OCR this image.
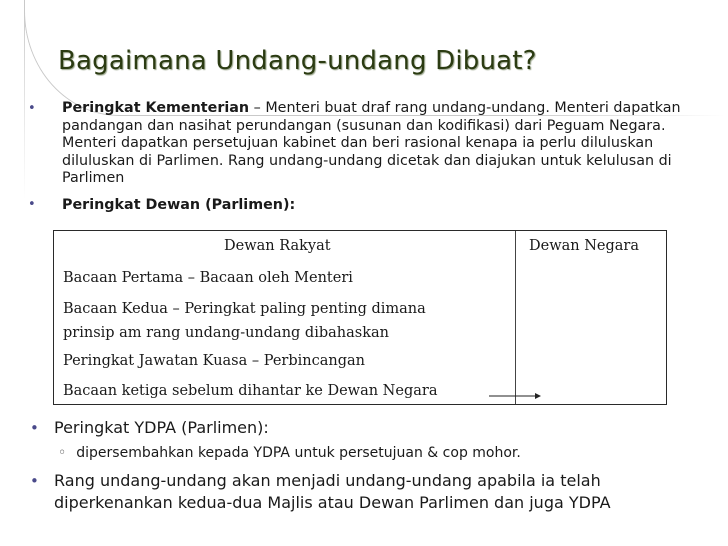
Bagaimana Undang-undang Dibuat?
•	Peringkat Kementerian – Menteri buat draf rang undang-undang. Menteri dapatkan pandangan dan nasihat perundangan (susunan dan kodifikasi) dari Peguam Negara. Menteri dapatkan persetujuan kabinet dan beri rasional kenapa ia perlu diluluskan diluluskan di Parlimen. Rang undang-undang dicetak dan diajukan untuk kelulusan di Parlimen
• Peringkat Dewan (Parlimen):
Dewan Rakyat	Dewan Negara
Bacaan Pertama – Bacaan oleh Menteri
Bacaan Kedua – Peringkat paling penting dimana
prinsip am rang undang-undang dibahaskan
Peringkat Jawatan Kuasa – Perbincangan
Bacaan ketiga sebelum dihantar ke Dewan Negara
• Peringkat YDPA (Parlimen):
◦ dipersembahkan kepada YDPA untuk persetujuan & cop mohor.
• Rang undang-undang akan menjadi undang-undang apabila ia telah diperkenankan kedua-dua Majlis atau Dewan Parlimen dan juga YDPA
